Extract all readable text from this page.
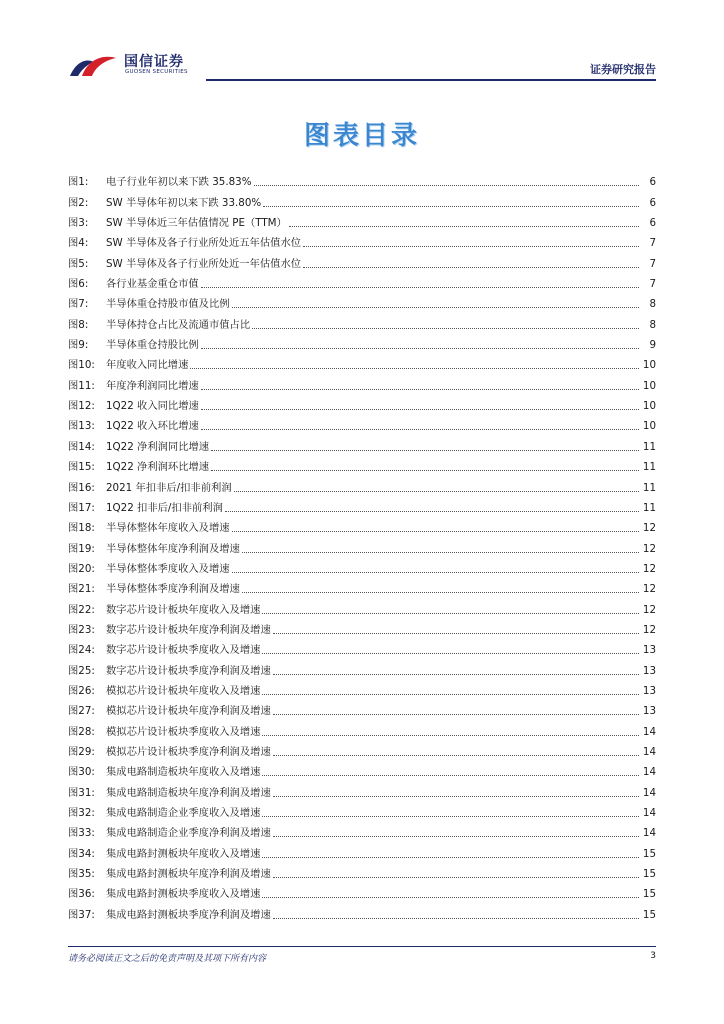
国信证券
GUOSEN SECURITIES	证券研究报告
图表目录
图1:	电子行业年初以来下跌 35.83%	6
图2:	SW 半导体年初以来下跌 33.80%	6
图3:	SW 半导体近三年估值情况 PE（TTM）	6
图4:	SW 半导体及各子行业所处近五年估值水位	7
图5:	SW 半导体及各子行业所处近一年估值水位	7
图6:	各行业基金重仓市值	7
图7:	半导体重仓持股市值及比例	8
图8:	半导体持仓占比及流通市值占比	8
图9:	半导体重仓持股比例	9
图10:	年度收入同比增速	10
图11:	年度净利润同比增速	10
图12:	1Q22 收入同比增速	10
图13:	1Q22 收入环比增速	10
图14:	1Q22 净利润同比增速	11
图15:	1Q22 净利润环比增速	11
图16:	2021 年扣非后/扣非前利润	11
图17:	1Q22 扣非后/扣非前利润	11
图18:	半导体整体年度收入及增速	12
图19:	半导体整体年度净利润及增速	12
图20:	半导体整体季度收入及增速	12
图21:	半导体整体季度净利润及增速	12
图22:	数字芯片设计板块年度收入及增速	12
图23:	数字芯片设计板块年度净利润及增速	12
图24:	数字芯片设计板块季度收入及增速	13
图25:	数字芯片设计板块季度净利润及增速	13
图26:	模拟芯片设计板块年度收入及增速	13
图27:	模拟芯片设计板块年度净利润及增速	13
图28:	模拟芯片设计板块季度收入及增速	14
图29:	模拟芯片设计板块季度净利润及增速	14
图30:	集成电路制造板块年度收入及增速	14
图31:	集成电路制造板块年度净利润及增速	14
图32:	集成电路制造企业季度收入及增速	14
图33:	集成电路制造企业季度净利润及增速	14
图34:	集成电路封测板块年度收入及增速	15
图35:	集成电路封测板块年度净利润及增速	15
图36:	集成电路封测板块季度收入及增速	15
图37:	集成电路封测板块季度净利润及增速	15
请务必阅读正文之后的免责声明及其项下所有内容	3
